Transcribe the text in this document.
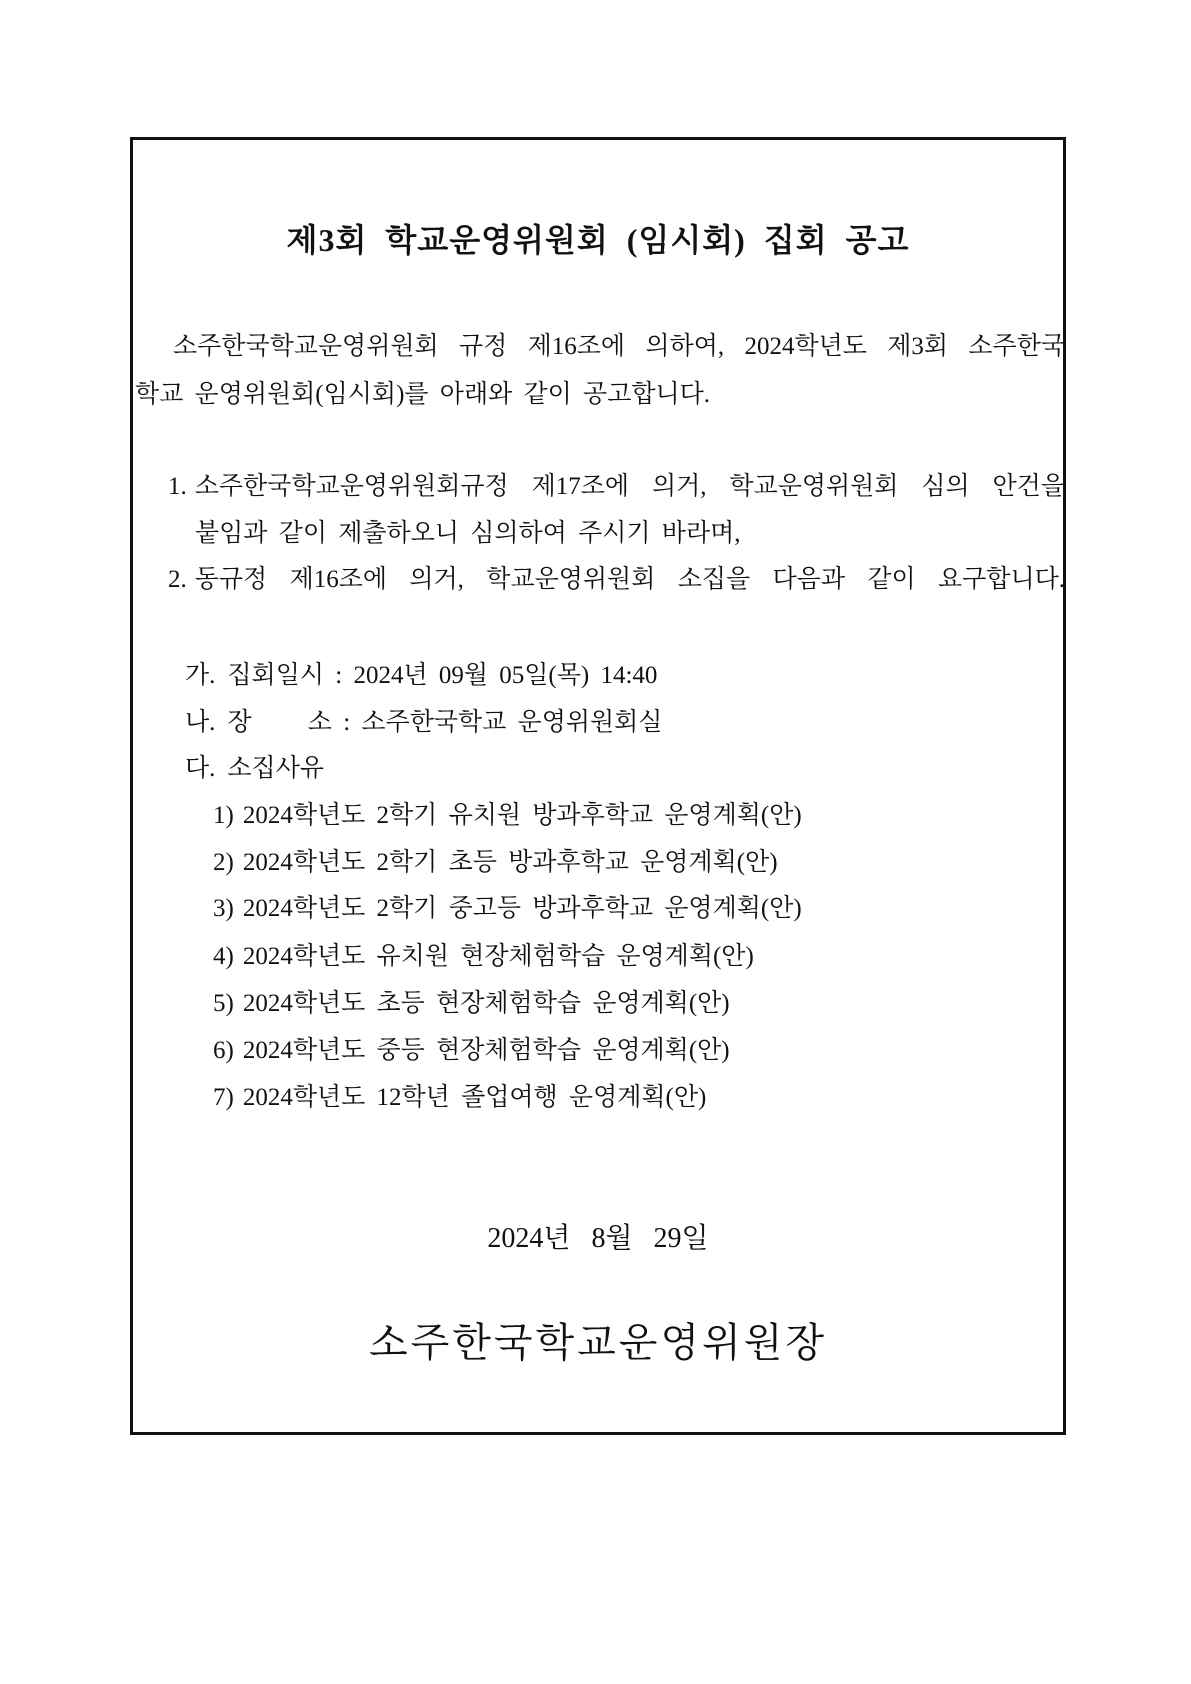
제3회 학교운영위원회 (임시회) 집회 공고
소주한국학교운영위원회 규정 제16조에 의하여, 2024학년도 제3회 소주한국
학교 운영위원회(임시회)를 아래와 같이 공고합니다.
1. 소주한국학교운영위원회규정 제17조에 의거, 학교운영위원회 심의 안건을
붙임과 같이 제출하오니 심의하여 주시기 바라며,
2. 동규정 제16조에 의거, 학교운영위원회 소집을 다음과 같이 요구합니다.
가. 집회일시 : 2024년 09월 05일(목) 14:40
나. 장     소 : 소주한국학교 운영위원회실
다. 소집사유
1) 2024학년도 2학기 유치원 방과후학교 운영계획(안)
2) 2024학년도 2학기 초등 방과후학교 운영계획(안)
3) 2024학년도 2학기 중고등 방과후학교 운영계획(안)
4) 2024학년도 유치원 현장체험학습 운영계획(안)
5) 2024학년도 초등 현장체험학습 운영계획(안)
6) 2024학년도 중등 현장체험학습 운영계획(안)
7) 2024학년도 12학년 졸업여행 운영계획(안)
2024년   8월   29일
소주한국학교운영위원장
